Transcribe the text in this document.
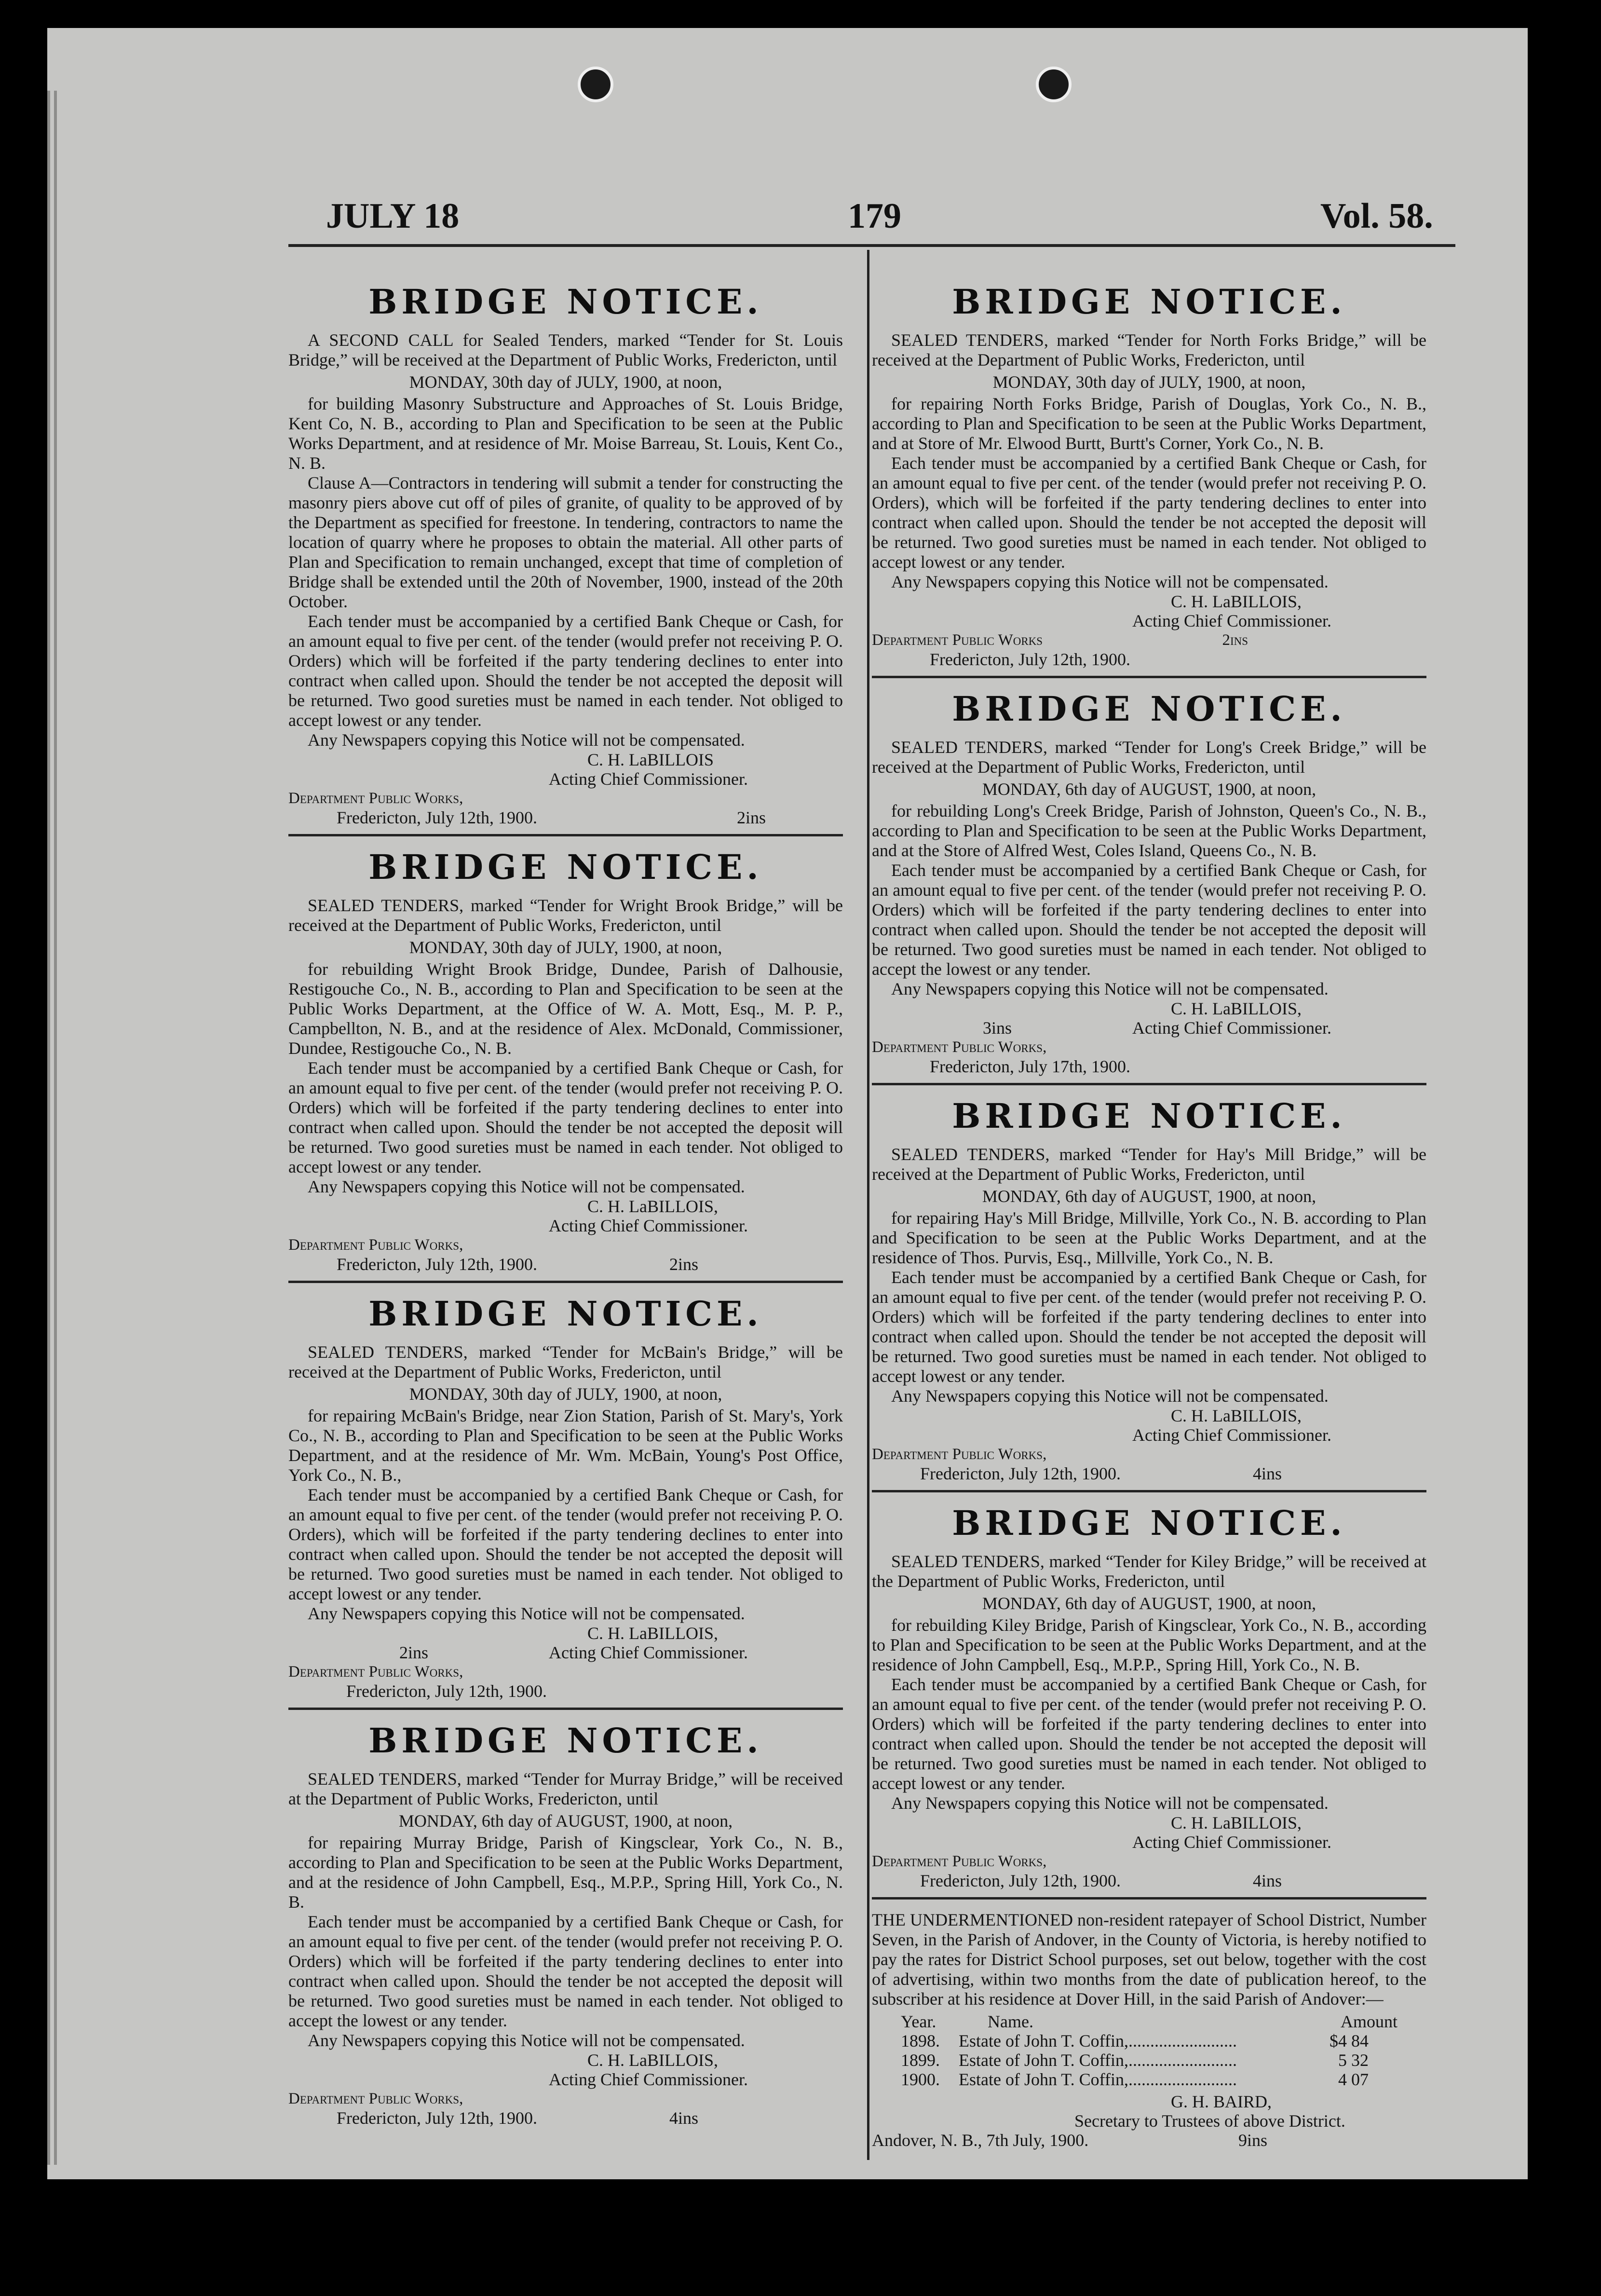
JULY 18	179	Vol. 58.
BRIDGE NOTICE.

A SECOND CALL for Sealed Tenders, marked “Tender for St. Louis Bridge,” will be received at the Department of Public Works, Fredericton, until

MONDAY, 30th day of JULY, 1900, at noon,

for building Masonry Substructure and Approaches of St. Louis Bridge, Kent Co, N. B., according to Plan and Specification to be seen at the Public Works Department, and at residence of Mr. Moise Barreau, St. Louis, Kent Co., N. B.

Clause A—Contractors in tendering will submit a tender for constructing the masonry piers above cut off of piles of granite, of quality to be approved of by the Department as specified for freestone. In tendering, contractors to name the location of quarry where he proposes to obtain the material. All other parts of Plan and Specification to remain unchanged, except that time of completion of Bridge shall be extended until the 20th of November, 1900, instead of the 20th October.

Each tender must be accompanied by a certified Bank Cheque or Cash, for an amount equal to five per cent. of the tender (would prefer not receiving P. O. Orders) which will be forfeited if the party tendering declines to enter into contract when called upon. Should the tender be not accepted the deposit will be returned. Two good sureties must be named in each tender. Not obliged to accept lowest or any tender.

Any Newspapers copying this Notice will not be compensated.

C. H. LaBILLOIS
Acting Chief Commissioner.
Department Public Works,
Fredericton, July 12th, 1900.	2ins
BRIDGE NOTICE.

SEALED TENDERS, marked “Tender for Wright Brook Bridge,” will be received at the Department of Public Works, Fredericton, until

MONDAY, 30th day of JULY, 1900, at noon,

for rebuilding Wright Brook Bridge, Dundee, Parish of Dalhousie, Restigouche Co., N. B., according to Plan and Specification to be seen at the Public Works Department, at the Office of W. A. Mott, Esq., M. P. P., Campbellton, N. B., and at the residence of Alex. McDonald, Commissioner, Dundee, Restigouche Co., N. B.

Each tender must be accompanied by a certified Bank Cheque or Cash, for an amount equal to five per cent. of the tender (would prefer not receiving P. O. Orders) which will be forfeited if the party tendering declines to enter into contract when called upon. Should the tender be not accepted the deposit will be returned. Two good sureties must be named in each tender. Not obliged to accept lowest or any tender.

Any Newspapers copying this Notice will not be compensated.

C. H. LaBILLOIS,
Acting Chief Commissioner.
Department Public Works,
Fredericton, July 12th, 1900.	2ins
BRIDGE NOTICE.

SEALED TENDERS, marked “Tender for McBain's Bridge,” will be received at the Department of Public Works, Fredericton, until

MONDAY, 30th day of JULY, 1900, at noon,

for repairing McBain's Bridge, near Zion Station, Parish of St. Mary's, York Co., N. B., according to Plan and Specification to be seen at the Public Works Department, and at the residence of Mr. Wm. McBain, Young's Post Office, York Co., N. B.,

Each tender must be accompanied by a certified Bank Cheque or Cash, for an amount equal to five per cent. of the tender (would prefer not receiving P. O. Orders), which will be forfeited if the party tendering declines to enter into contract when called upon. Should the tender be not accepted the deposit will be returned. Two good sureties must be named in each tender. Not obliged to accept lowest or any tender.

Any Newspapers copying this Notice will not be compensated.

C. H. LaBILLOIS,
2ins	Acting Chief Commissioner.
Department Public Works,
Fredericton, July 12th, 1900.
BRIDGE NOTICE.

SEALED TENDERS, marked “Tender for Murray Bridge,” will be received at the Department of Public Works, Fredericton, until

MONDAY, 6th day of AUGUST, 1900, at noon,

for repairing Murray Bridge, Parish of Kingsclear, York Co., N. B., according to Plan and Specification to be seen at the Public Works Department, and at the residence of John Campbell, Esq., M.P.P., Spring Hill, York Co., N. B.

Each tender must be accompanied by a certified Bank Cheque or Cash, for an amount equal to five per cent. of the tender (would prefer not receiving P. O. Orders) which will be forfeited if the party tendering declines to enter into contract when called upon. Should the tender be not accepted the deposit will be returned. Two good sureties must be named in each tender. Not obliged to accept the lowest or any tender.

Any Newspapers copying this Notice will not be compensated.

C. H. LaBILLOIS,
Acting Chief Commissioner.
Department Public Works,
Fredericton, July 12th, 1900.	4ins
BRIDGE NOTICE.

SEALED TENDERS, marked “Tender for North Forks Bridge,” will be received at the Department of Public Works, Fredericton, until

MONDAY, 30th day of JULY, 1900, at noon,

for repairing North Forks Bridge, Parish of Douglas, York Co., N. B., according to Plan and Specification to be seen at the Public Works Department, and at Store of Mr. Elwood Burtt, Burtt's Corner, York Co., N. B.

Each tender must be accompanied by a certified Bank Cheque or Cash, for an amount equal to five per cent. of the tender (would prefer not receiving P. O. Orders), which will be forfeited if the party tendering declines to enter into contract when called upon. Should the tender be not accepted the deposit will be returned. Two good sureties must be named in each tender. Not obliged to accept lowest or any tender.

Any Newspapers copying this Notice will not be compensated.

C. H. LaBILLOIS,
Acting Chief Commissioner.
Department Public Works	2ins
Fredericton, July 12th, 1900.
BRIDGE NOTICE.

SEALED TENDERS, marked “Tender for Long's Creek Bridge,” will be received at the Department of Public Works, Fredericton, until

MONDAY, 6th day of AUGUST, 1900, at noon,

for rebuilding Long's Creek Bridge, Parish of Johnston, Queen's Co., N. B., according to Plan and Specification to be seen at the Public Works Department, and at the Store of Alfred West, Coles Island, Queens Co., N. B.

Each tender must be accompanied by a certified Bank Cheque or Cash, for an amount equal to five per cent. of the tender (would prefer not receiving P. O. Orders) which will be forfeited if the party tendering declines to enter into contract when called upon. Should the tender be not accepted the deposit will be returned. Two good sureties must be named in each tender. Not obliged to accept the lowest or any tender.

Any Newspapers copying this Notice will not be compensated.

C. H. LaBILLOIS,
3ins	Acting Chief Commissioner.
Department Public Works,
Fredericton, July 17th, 1900.
BRIDGE NOTICE.

SEALED TENDERS, marked “Tender for Hay's Mill Bridge,” will be received at the Department of Public Works, Fredericton, until

MONDAY, 6th day of AUGUST, 1900, at noon,

for repairing Hay's Mill Bridge, Millville, York Co., N. B. according to Plan and Specification to be seen at the Public Works Department, and at the residence of Thos. Purvis, Esq., Millville, York Co., N. B.

Each tender must be accompanied by a certified Bank Cheque or Cash, for an amount equal to five per cent. of the tender (would prefer not receiving P. O. Orders) which will be forfeited if the party tendering declines to enter into contract when called upon. Should the tender be not accepted the deposit will be returned. Two good sureties must be named in each tender. Not obliged to accept lowest or any tender.

Any Newspapers copying this Notice will not be compensated.

C. H. LaBILLOIS,
Acting Chief Commissioner.
Department Public Works,
Fredericton, July 12th, 1900.	4ins
BRIDGE NOTICE.

SEALED TENDERS, marked “Tender for Kiley Bridge,” will be received at the Department of Public Works, Fredericton, until

MONDAY, 6th day of AUGUST, 1900, at noon,

for rebuilding Kiley Bridge, Parish of Kingsclear, York Co., N. B., according to Plan and Specification to be seen at the Public Works Department, and at the residence of John Campbell, Esq., M.P.P., Spring Hill, York Co., N. B.

Each tender must be accompanied by a certified Bank Cheque or Cash, for an amount equal to five per cent. of the tender (would prefer not receiving P. O. Orders) which will be forfeited if the party tendering declines to enter into contract when called upon. Should the tender be not accepted the deposit will be returned. Two good sureties must be named in each tender. Not obliged to accept lowest or any tender.

Any Newspapers copying this Notice will not be compensated.

C. H. LaBILLOIS,
Acting Chief Commissioner.
Department Public Works,
Fredericton, July 12th, 1900.	4ins

THE UNDERMENTIONED non-resident ratepayer of School District, Number Seven, in the Parish of Andover, in the County of Victoria, is hereby notified to pay the rates for District School purposes, set out below, together with the cost of advertising, within two months from the date of publication hereof, to the subscriber at his residence at Dover Hill, in the said Parish of Andover:—

Year.	Name.	Amount
1898.	Estate of John T. Coffin,.........................	$4 84
1899.	Estate of John T. Coffin,.........................	5 32
1900.	Estate of John T. Coffin,.........................	4 07
G. H. BAIRD,
Secretary to Trustees of above District.
Andover, N. B., 7th July, 1900.	9ins
